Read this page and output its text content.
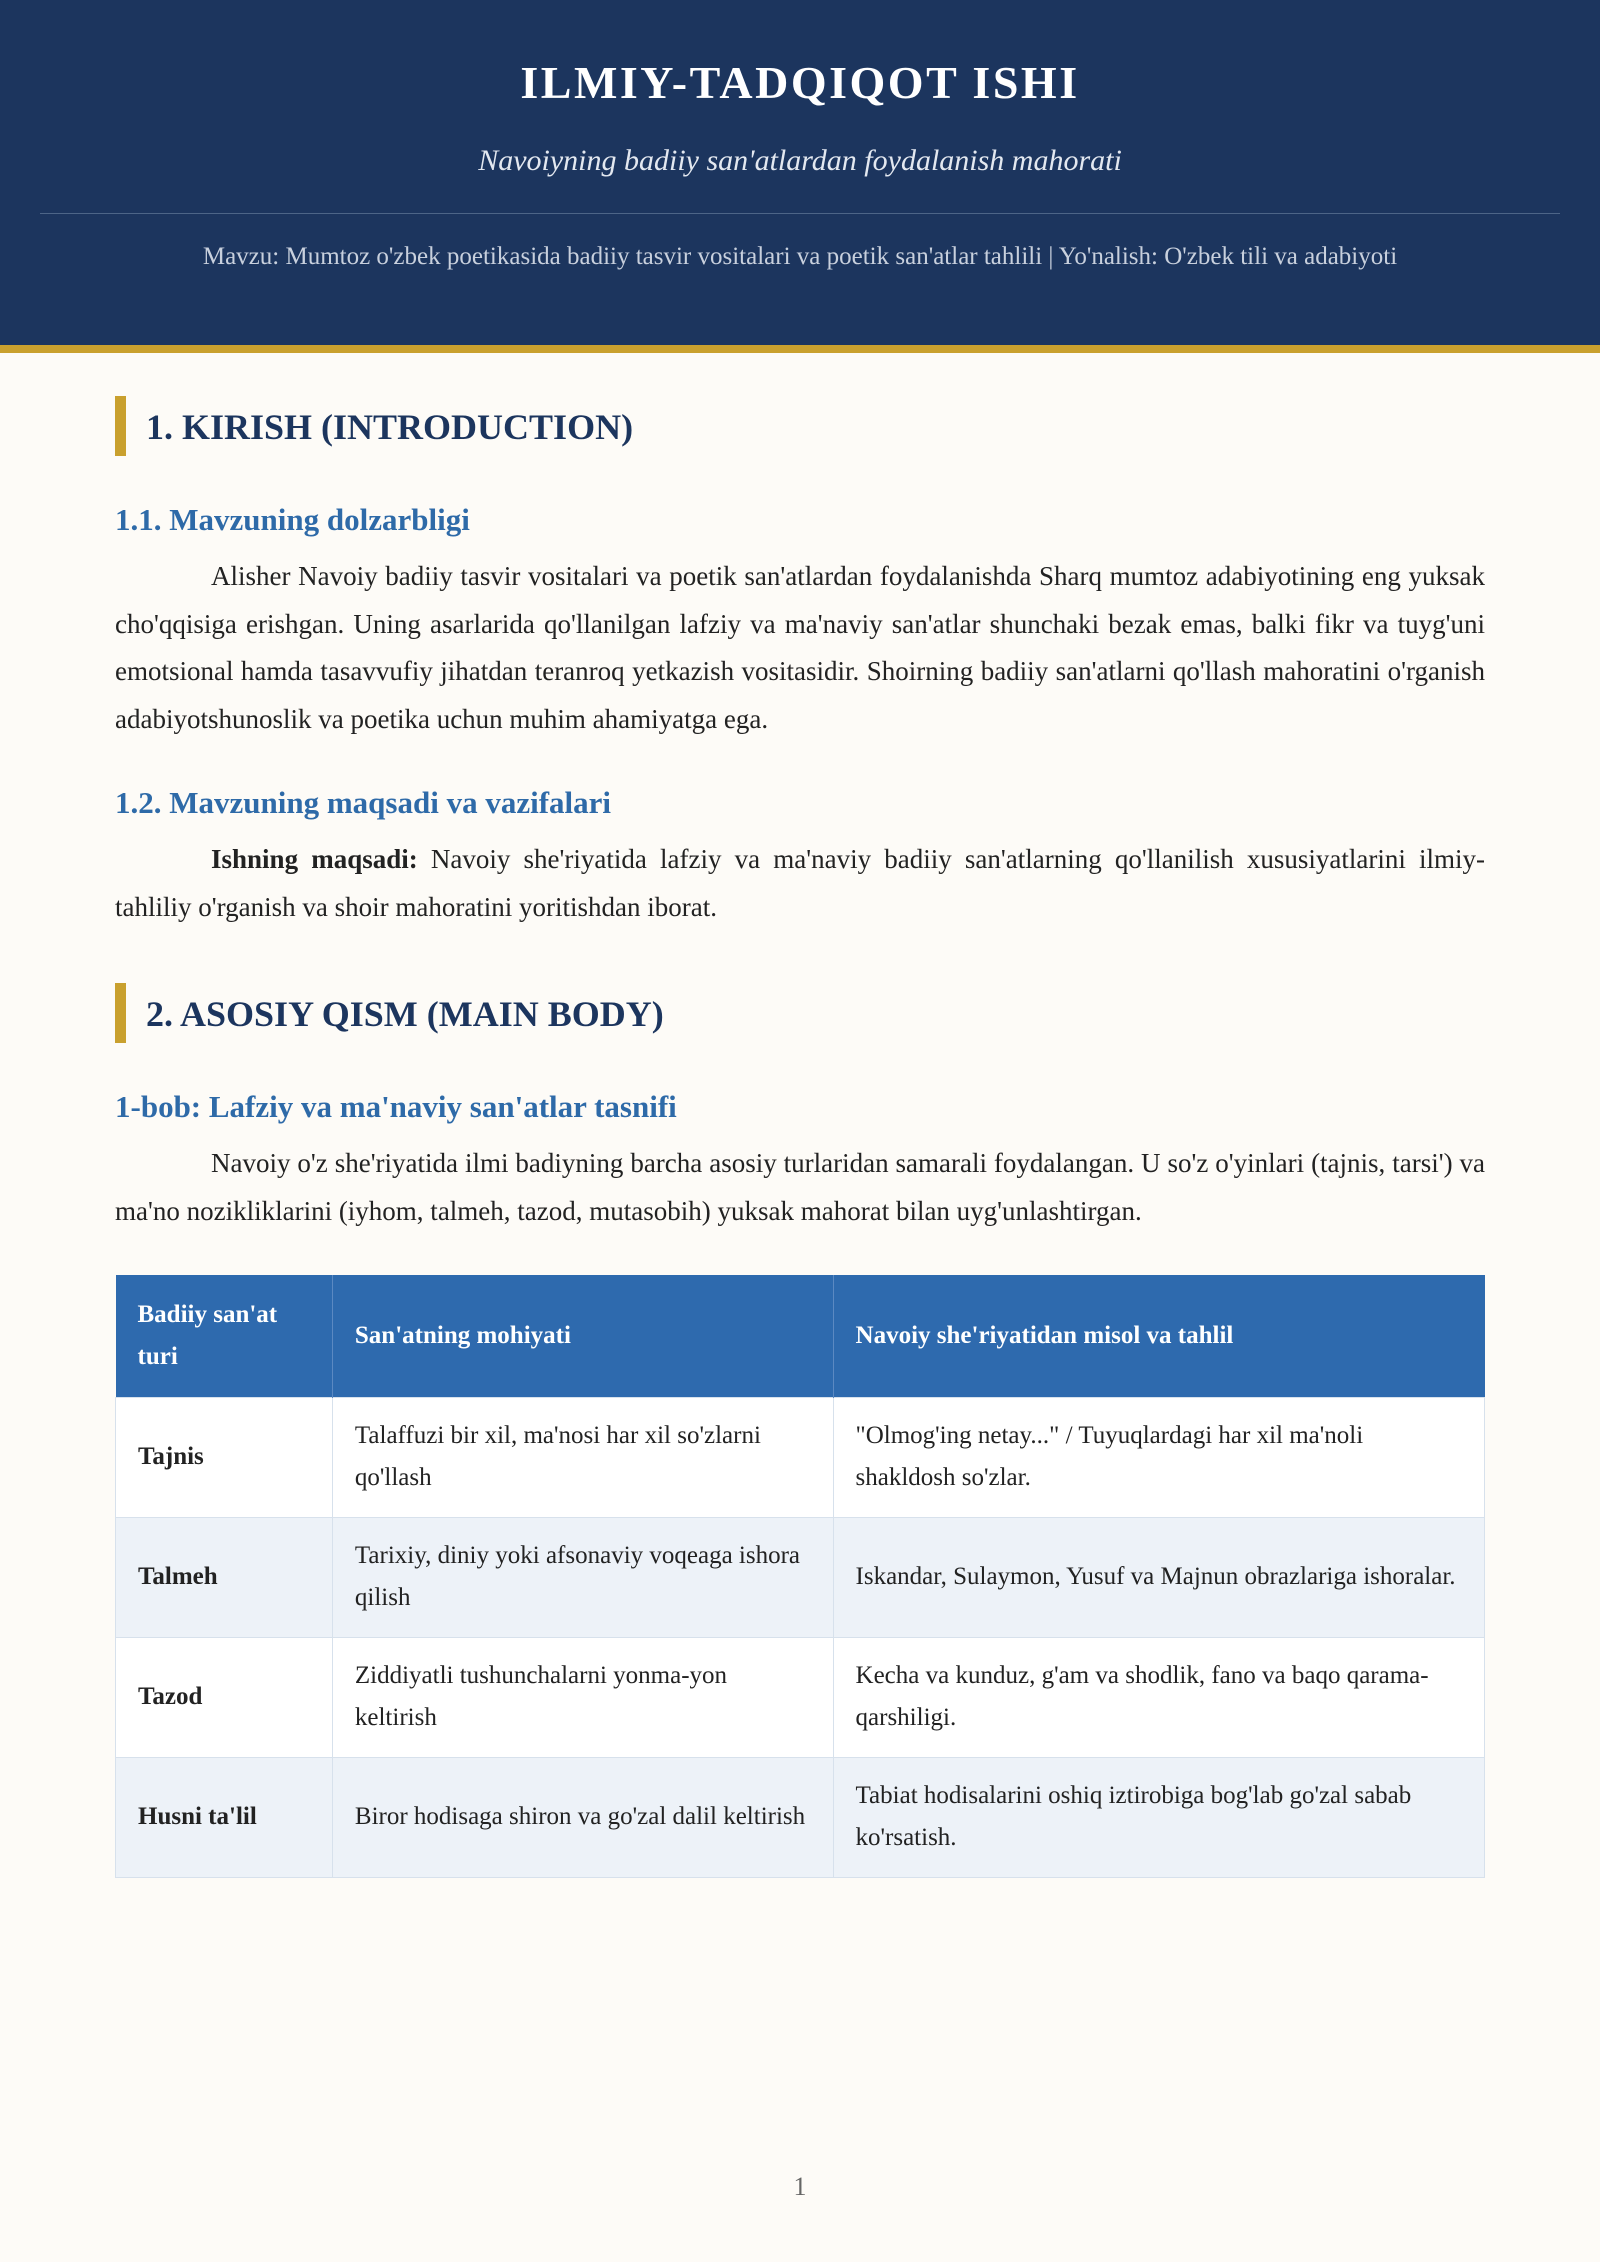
ILMIY-TADQIQOT ISHI
Navoiyning badiiy san'atlardan foydalanish mahorati
Mavzu: Mumtoz o'zbek poetikasida badiiy tasvir vositalari va poetik san'atlar tahlili | Yo'nalish: O'zbek tili va adabiyoti
1. KIRISH (INTRODUCTION)
1.1. Mavzuning dolzarbligi

Alisher Navoiy badiiy tasvir vositalari va poetik san'atlardan foydalanishda Sharq mumtoz adabiyotining eng yuksak cho'qqisiga erishgan. Uning asarlarida qo'llanilgan lafziy va ma'naviy san'atlar shunchaki bezak emas, balki fikr va tuyg'uni emotsional hamda tasavvufiy jihatdan teranroq yetkazish vositasidir. Shoirning badiiy san'atlarni qo'llash mahoratini o'rganish adabiyotshunoslik va poetika uchun muhim ahamiyatga ega.

1.2. Mavzuning maqsadi va vazifalari

Ishning maqsadi: Navoiy she'riyatida lafziy va ma'naviy badiiy san'atlarning qo'llanilish xususiyatlarini ilmiy-tahliliy o'rganish va shoir mahoratini yoritishdan iborat.

2. ASOSIY QISM (MAIN BODY)
1-bob: Lafziy va ma'naviy san'atlar tasnifi

Navoiy o'z she'riyatida ilmi badiyning barcha asosiy turlaridan samarali foydalangan. U so'z o'yinlari (tajnis, tarsi') va ma'no nozikliklarini (iyhom, talmeh, tazod, mutasobih) yuksak mahorat bilan uyg'unlashtirgan.

Badiiy san'at turi	San'atning mohiyati	Navoiy she'riyatidan misol va tahlil
Tajnis	Talaffuzi bir xil, ma'nosi har xil so'zlarni qo'llash	"Olmog'ing netay..." / Tuyuqlardagi har xil ma'noli shakldosh so'zlar.
Talmeh	Tarixiy, diniy yoki afsonaviy voqeaga ishora qilish	Iskandar, Sulaymon, Yusuf va Majnun obrazlariga ishoralar.
Tazod	Ziddiyatli tushunchalarni yonma-yon keltirish	Kecha va kunduz, g'am va shodlik, fano va baqo qarama-qarshiligi.
Husni ta'lil	Biror hodisaga shiron va go'zal dalil keltirish	Tabiat hodisalarini oshiq iztirobiga bog'lab go'zal sabab ko'rsatish.
1
